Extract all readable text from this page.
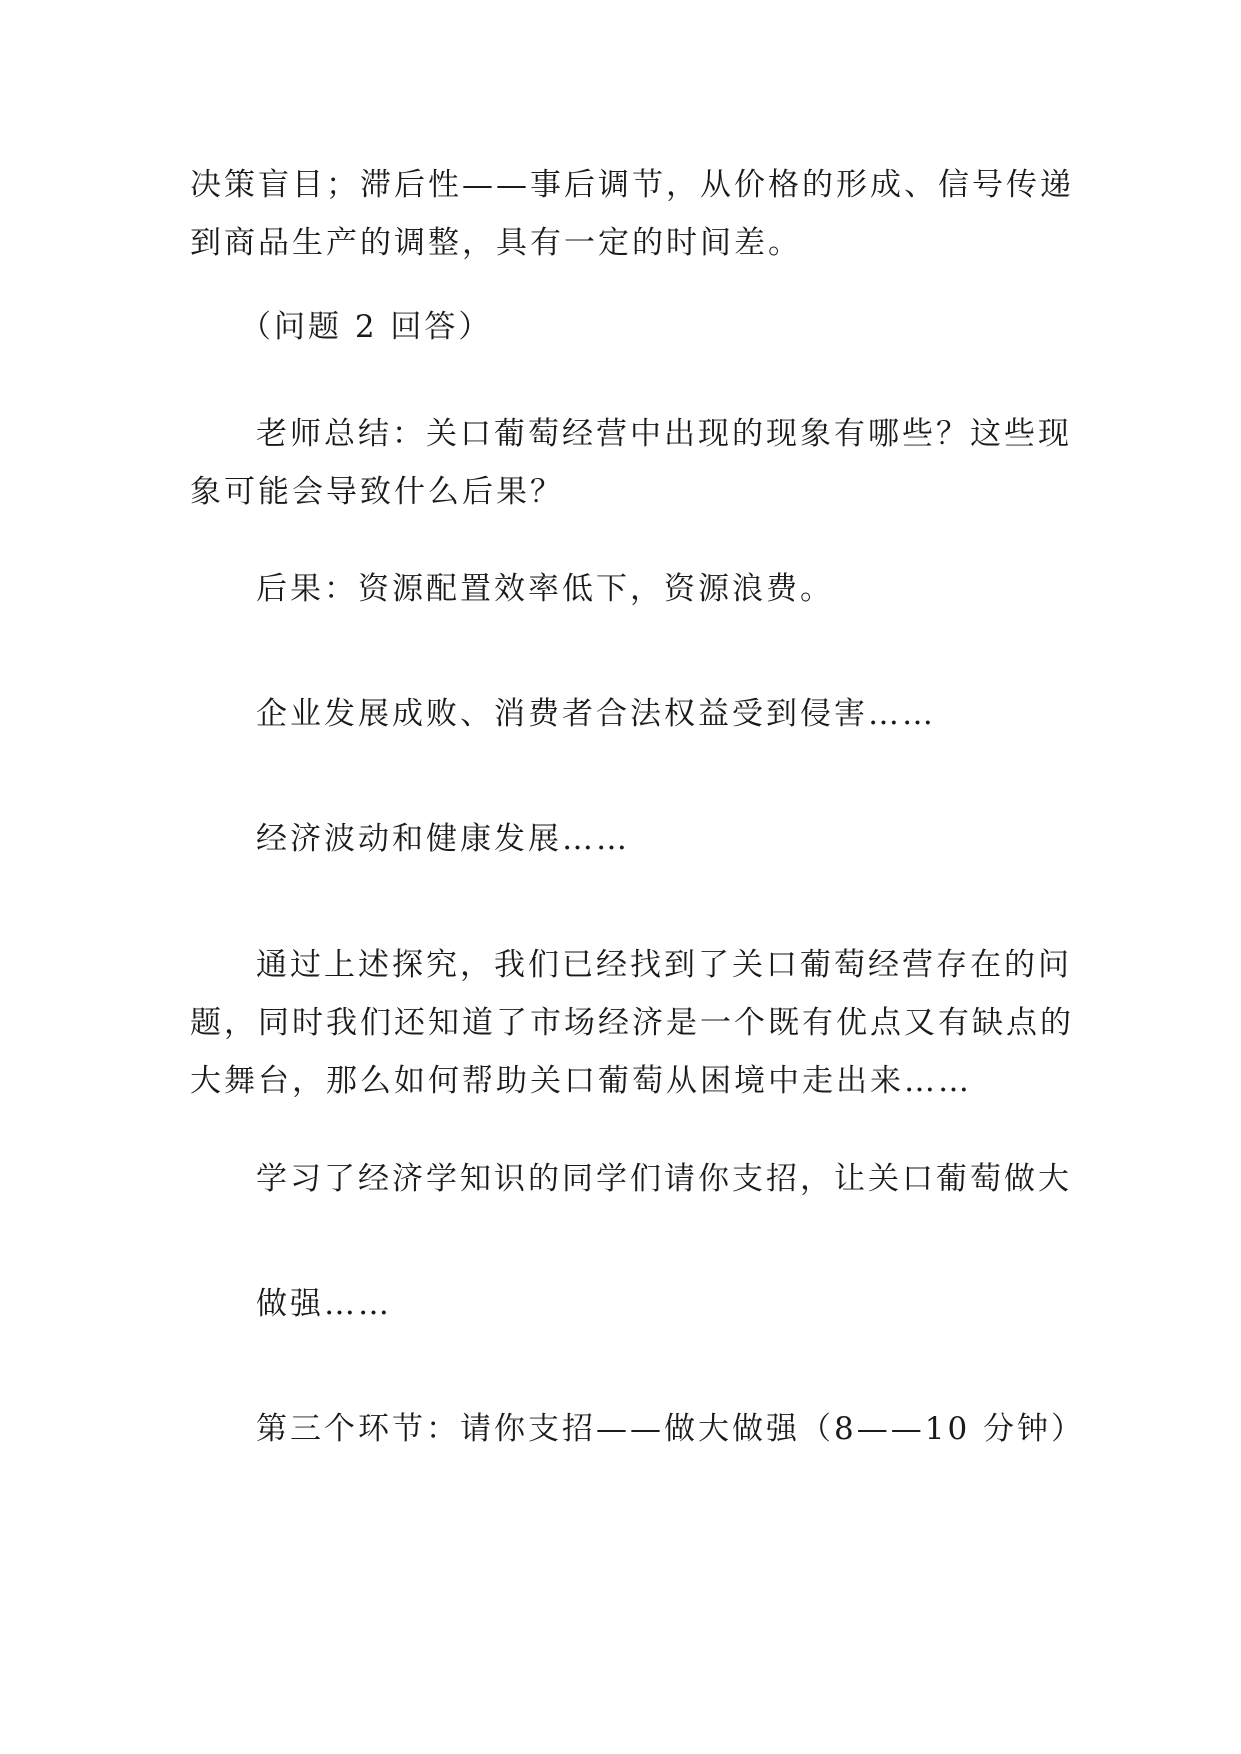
决策盲目；滞后性——事后调节，从价格的形成、信号传递
到商品生产的调整，具有一定的时间差。
（问题 2 回答）
老师总结：关口葡萄经营中出现的现象有哪些？这些现
象可能会导致什么后果？
后果：资源配置效率低下，资源浪费。
企业发展成败、消费者合法权益受到侵害……
经济波动和健康发展……
通过上述探究，我们已经找到了关口葡萄经营存在的问
题，同时我们还知道了市场经济是一个既有优点又有缺点的
大舞台，那么如何帮助关口葡萄从困境中走出来……
学习了经济学知识的同学们请你支招，让关口葡萄做大
做强……
第三个环节：请你支招——做大做强（8——10 分钟）
